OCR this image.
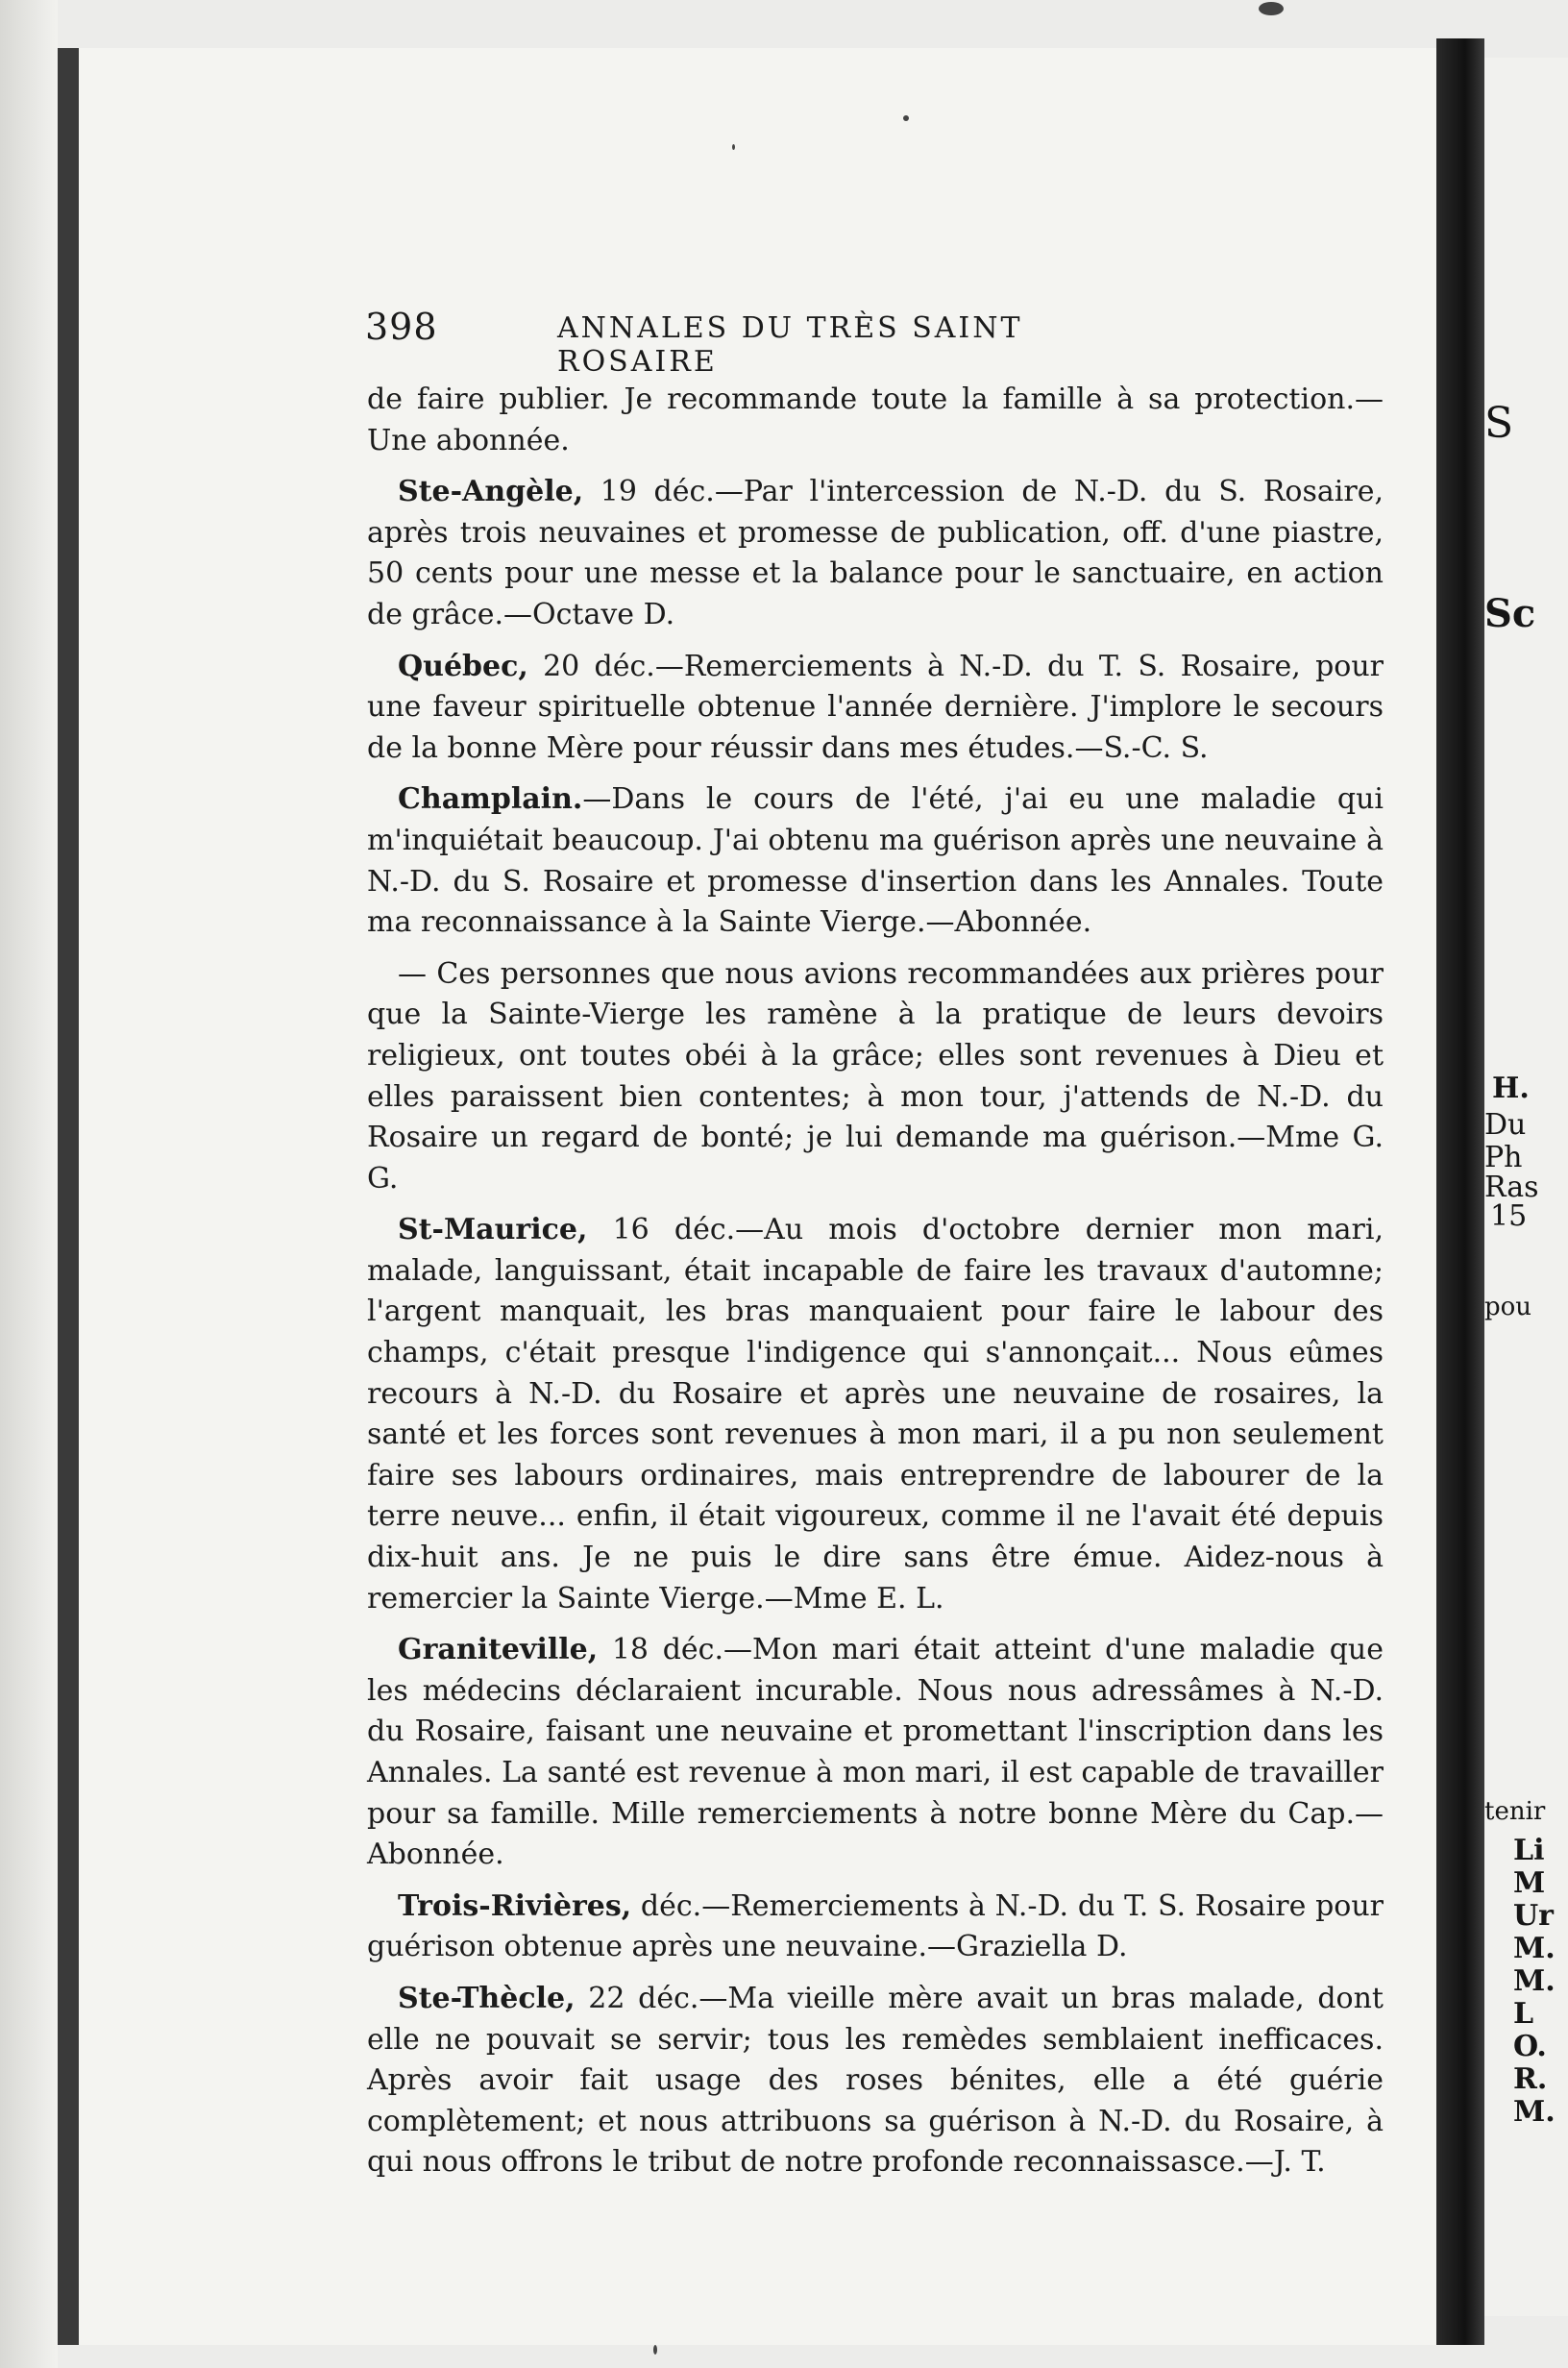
398	ANNALES DU TRÈS SAINT ROSAIRE

de faire publier. Je recommande toute la famille à sa protection.—Une abonnée.

Ste-Angèle, 19 déc.—Par l'intercession de N.-D. du S. Rosaire, après trois neuvaines et promesse de publication, off. d'une piastre, 50 cents pour une messe et la balance pour le sanctuaire, en action de grâce.—Octave D.

Québec, 20 déc.—Remerciements à N.-D. du T. S. Rosaire, pour une faveur spirituelle obtenue l'année dernière. J'implore le secours de la bonne Mère pour réussir dans mes études.—S.-C. S.

Champlain.—Dans le cours de l'été, j'ai eu une maladie qui m'inquiétait beaucoup. J'ai obtenu ma guérison après une neuvaine à N.-D. du S. Rosaire et promesse d'insertion dans les Annales. Toute ma reconnaissance à la Sainte Vierge.—Abonnée.

— Ces personnes que nous avions recommandées aux prières pour que la Sainte-Vierge les ramène à la pratique de leurs devoirs religieux, ont toutes obéi à la grâce; elles sont revenues à Dieu et elles paraissent bien contentes; à mon tour, j'attends de N.-D. du Rosaire un regard de bonté; je lui demande ma guérison.—Mme G. G.

St-Maurice, 16 déc.—Au mois d'octobre dernier mon mari, malade, languissant, était incapable de faire les travaux d'automne; l'argent manquait, les bras manquaient pour faire le labour des champs, c'était presque l'indigence qui s'annonçait... Nous eûmes recours à N.-D. du Rosaire et après une neuvaine de rosaires, la santé et les forces sont revenues à mon mari, il a pu non seulement faire ses labours ordinaires, mais entreprendre de labourer de la terre neuve... enfin, il était vigoureux, comme il ne l'avait été depuis dix-huit ans. Je ne puis le dire sans être émue. Aidez-nous à remercier la Sainte Vierge.—Mme E. L.

Graniteville, 18 déc.—Mon mari était atteint d'une maladie que les médecins déclaraient incurable. Nous nous adressâmes à N.-D. du Rosaire, faisant une neuvaine et promettant l'inscription dans les Annales. La santé est revenue à mon mari, il est capable de travailler pour sa famille. Mille remerciements à notre bonne Mère du Cap.—Abonnée.

Trois-Rivières, déc.—Remerciements à N.-D. du T. S. Rosaire pour guérison obtenue après une neuvaine.—Graziella D.

Ste-Thècle, 22 déc.—Ma vieille mère avait un bras malade, dont elle ne pouvait se servir; tous les remèdes semblaient inefficaces. Après avoir fait usage des roses bénites, elle a été guérie complètement; et nous attribuons sa guérison à N.-D. du Rosaire, à qui nous offrons le tribut de notre profonde reconnaissasce.—J. T.

S
Sc
H.
Du
Ph
Ras
15
pou
tenir
Li
M
Ur
M.
M.
L
O.
R.
M.
